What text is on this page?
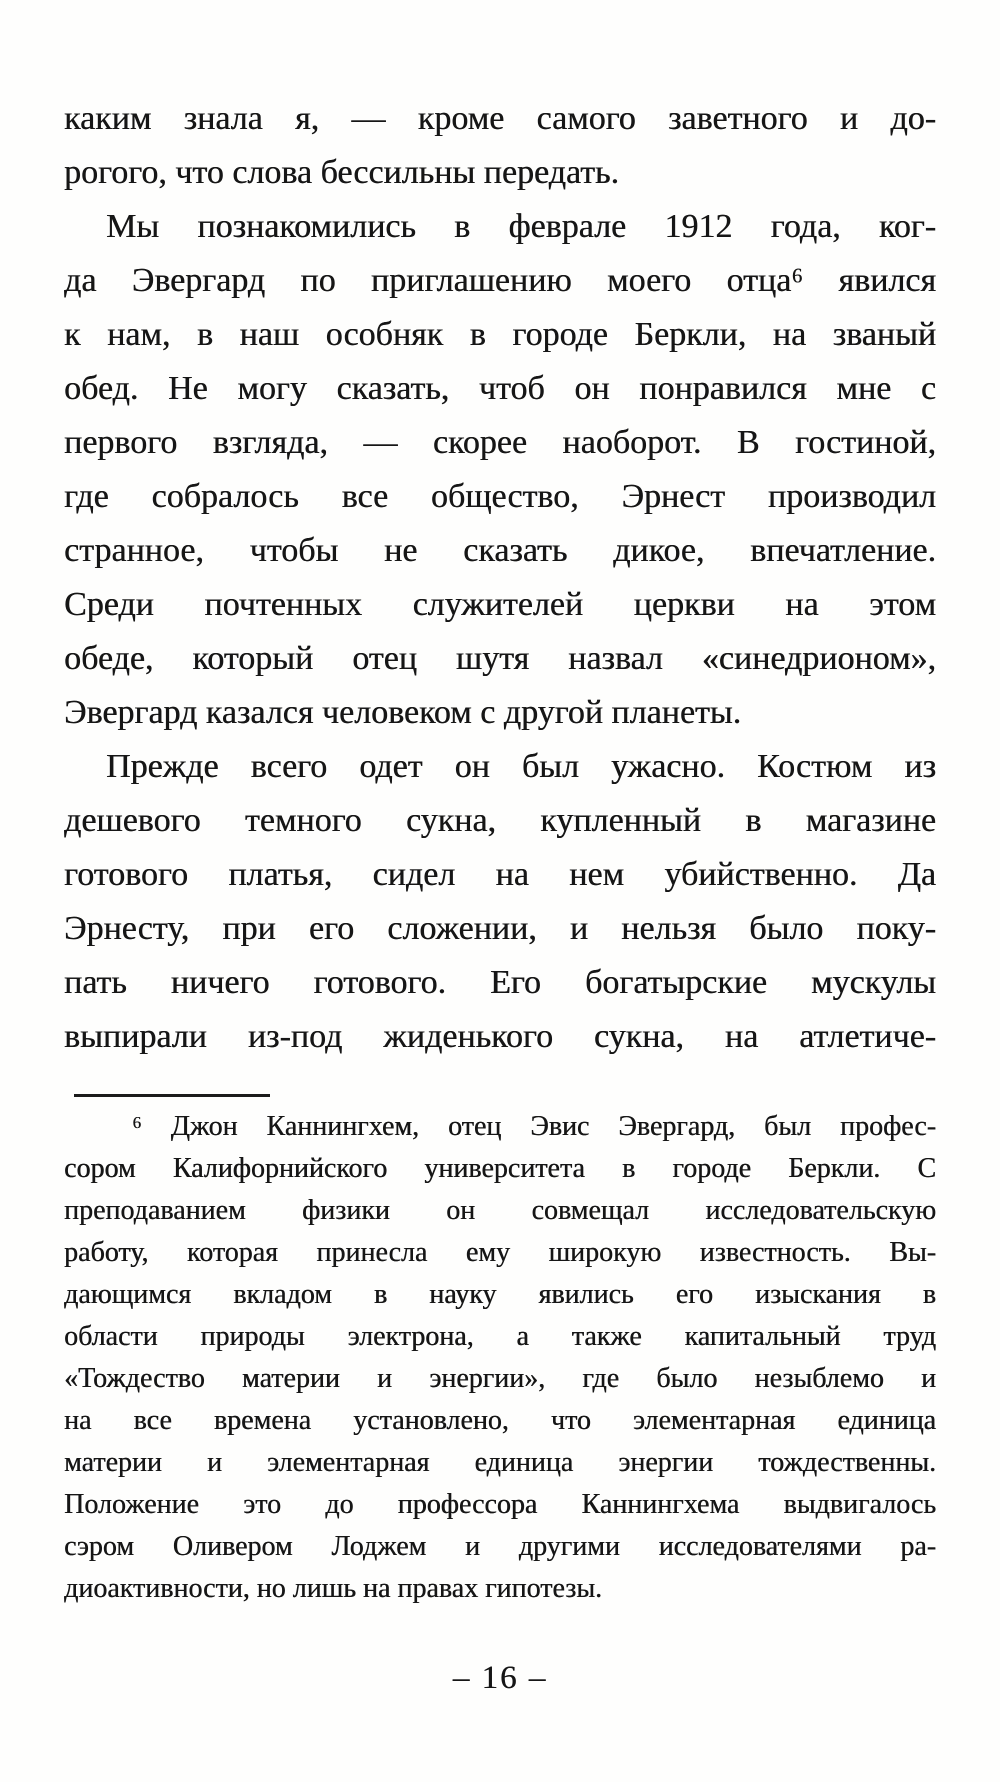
каким знала я, — кроме самого заветного и до-
рогого, что слова бессильны передать.
Мы познакомились в феврале 1912 года, ког-
да Эвергард по приглашению моего отца⁶ явился
к нам, в наш особняк в городе Беркли, на званый
обед. Не могу сказать, чтоб он понравился мне с
первого взгляда, — скорее наоборот. В гостиной,
где собралось все общество, Эрнест производил
странное, чтобы не сказать дикое, впечатление.
Среди почтенных служителей церкви на этом
обеде, который отец шутя назвал «синедрионом»,
Эвергард казался человеком с другой планеты.
Прежде всего одет он был ужасно. Костюм из
дешевого темного сукна, купленный в магазине
готового платья, сидел на нем убийственно. Да
Эрнесту, при его сложении, и нельзя было поку-
пать ничего готового. Его богатырские мускулы
выпирали из-под жиденького сукна, на атлетиче-
⁶ Джон Каннингхем, отец Эвис Эвергард, был профес-
сором Калифорнийского университета в городе Беркли. С
преподаванием физики он совмещал исследовательскую
работу, которая принесла ему широкую известность. Вы-
дающимся вкладом в науку явились его изыскания в
области природы электрона, а также капитальный труд
«Тождество материи и энергии», где было незыблемо и
на все времена установлено, что элементарная единица
материи и элементарная единица энергии тождественны.
Положение это до профессора Каннингхема выдвигалось
сэром Оливером Лоджем и другими исследователями ра-
диоактивности, но лишь на правах гипотезы.
– 16 –
